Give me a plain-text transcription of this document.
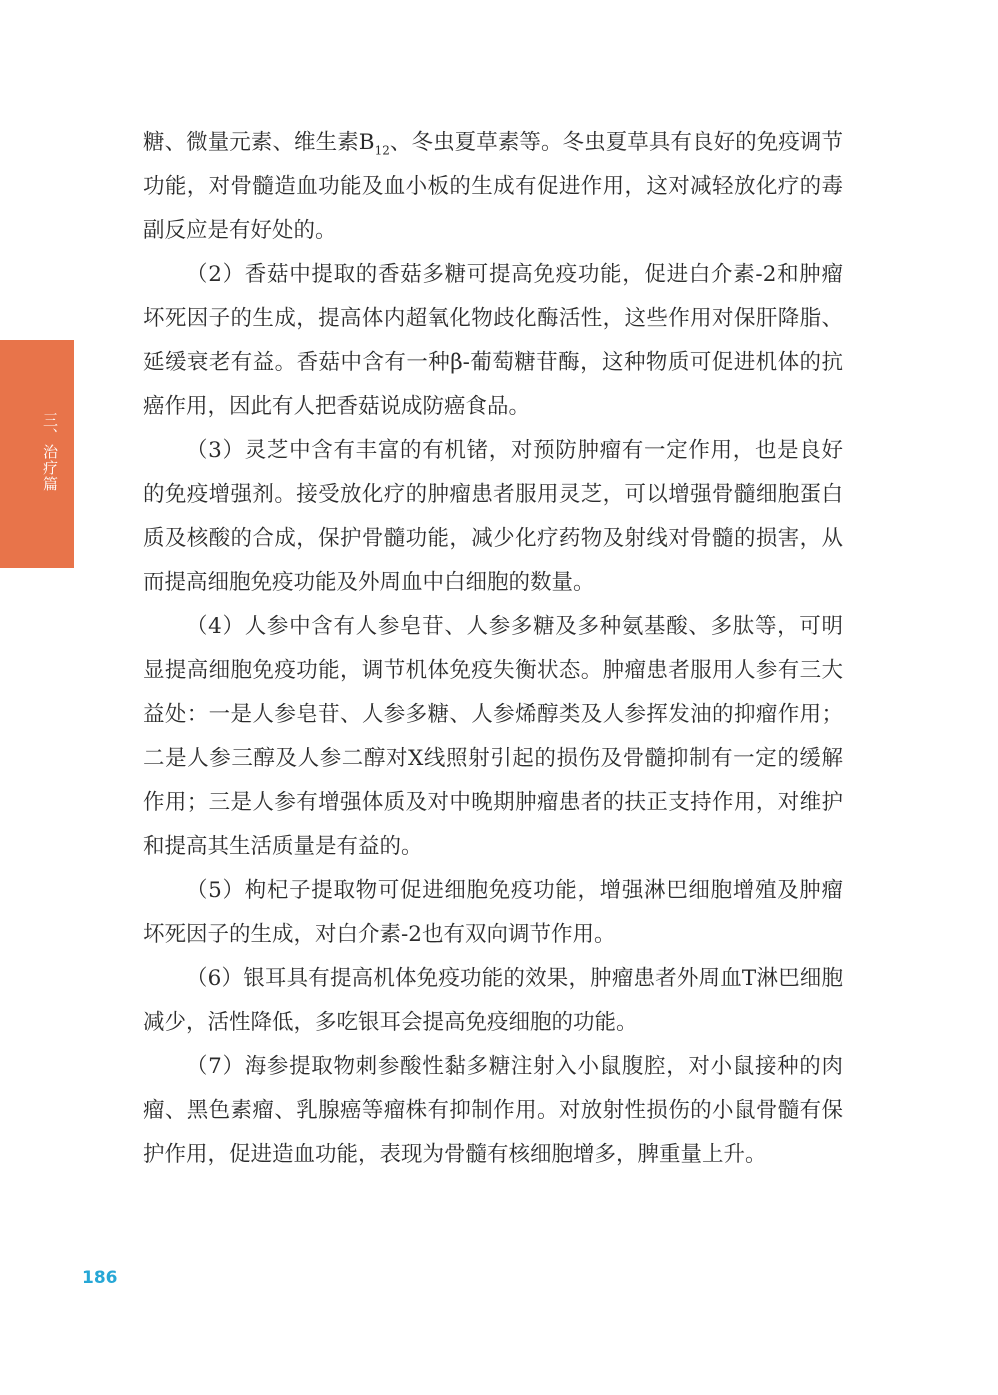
三、治疗篇

糖、微量元素、维生素$B_{12}$、冬虫夏草素等。冬虫夏草具有良好的免疫调节功能，对骨髓造血功能及血小板的生成有促进作用，这对减轻放化疗的毒副反应是有好处的。

（2）香菇中提取的香菇多糖可提高免疫功能，促进白介素-2和肿瘤坏死因子的生成，提高体内超氧化物歧化酶活性，这些作用对保肝降脂、延缓衰老有益。香菇中含有一种β-葡萄糖苷酶，这种物质可促进机体的抗癌作用，因此有人把香菇说成防癌食品。

（3）灵芝中含有丰富的有机锗，对预防肿瘤有一定作用，也是良好的免疫增强剂。接受放化疗的肿瘤患者服用灵芝，可以增强骨髓细胞蛋白质及核酸的合成，保护骨髓功能，减少化疗药物及射线对骨髓的损害，从而提高细胞免疫功能及外周血中白细胞的数量。

（4）人参中含有人参皂苷、人参多糖及多种氨基酸、多肽等，可明显提高细胞免疫功能，调节机体免疫失衡状态。肿瘤患者服用人参有三大益处：一是人参皂苷、人参多糖、人参烯醇类及人参挥发油的抑瘤作用；二是人参三醇及人参二醇对X线照射引起的损伤及骨髓抑制有一定的缓解作用；三是人参有增强体质及对中晚期肿瘤患者的扶正支持作用，对维护和提高其生活质量是有益的。

（5）枸杞子提取物可促进细胞免疫功能，增强淋巴细胞增殖及肿瘤坏死因子的生成，对白介素-2也有双向调节作用。

（6）银耳具有提高机体免疫功能的效果，肿瘤患者外周血T淋巴细胞减少，活性降低，多吃银耳会提高免疫细胞的功能。

（7）海参提取物刺参酸性黏多糖注射入小鼠腹腔，对小鼠接种的肉瘤、黑色素瘤、乳腺癌等瘤株有抑制作用。对放射性损伤的小鼠骨髓有保护作用，促进造血功能，表现为骨髓有核细胞增多，脾重量上升。

186
